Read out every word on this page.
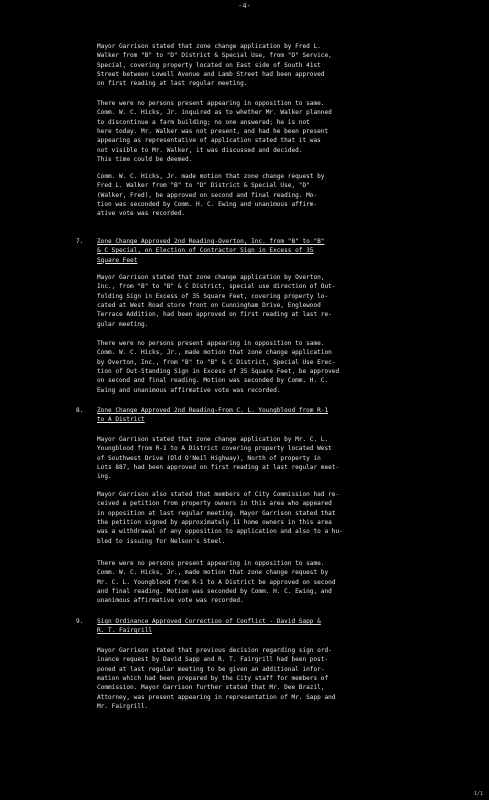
-4-

Mayor Garrison stated that zone change application by Fred L.
Walker from "B" to "D" District & Special Use, from "D" Service,
Special, covering property located on East side of South 41st
Street between Lowell Avenue and Lamb Street had been approved
on first reading at last regular meeting.

There were no persons present appearing in opposition to same.
Comm. W. C. Hicks, Jr. inquired as to whether Mr. Walker planned
to discontinue a farm building; no one answered; he is not
here today. Mr. Walker was not present, and had he been present
appearing as representative of application stated that it was
not visible to Mr. Walker, it was discussed and decided.
This time could be deemed.

Comm. W. C. Hicks, Jr. made motion that zone change request by
Fred L. Walker from "B" to "D" District & Special Use, "D"
(Walker, Fred), be approved on second and final reading. Mo-
tion was seconded by Comm. H. C. Ewing and unanimous affirm-
ative vote was recorded.

7. Zone Change Approved 2nd Reading-Overton, Inc. from "B" to "B"
& C Special, on Election of Contractor Sign in Excess of 35
Square Feet

Mayor Garrison stated that zone change application by Overton,
Inc., from "B" to "B" & C District, special use direction of Out-
folding Sign in Excess of 35 Square Feet, covering property lo-
cated at West Road store front on Cunningham Drive, Englewood
Terrace Addition, had been approved on first reading at last re-
gular meeting.

There were no persons present appearing in opposition to same.
Comm. W. C. Hicks, Jr., made motion that zone change application
by Overton, Inc., from "B" to "B" & C District, Special Use Erec-
tion of Out-Standing Sign in Excess of 35 Square Feet, be approved
on second and final reading. Motion was seconded by Comm. H. C.
Ewing and unanimous affirmative vote was recorded.

8. Zone Change Approved 2nd Reading-From C. L. Youngblood from R-1
to A District

Mayor Garrison stated that zone change application by Mr. C. L.
Youngblood from R-1 to A District covering property located West
of Southwest Drive (Old O'Neil Highway), North of property in
Lots 887, had been approved on first reading at last regular meet-
ing.

Mayor Garrison also stated that members of City Commission had re-
ceived a petition from property owners in this area who appeared
in opposition at last regular meeting. Mayor Garrison stated that
the petition signed by approximately 11 home owners in this area
was a withdrawal of any opposition to application and also to a hu-
bled to issuing for Nelson's Steel.

There were no persons present appearing in opposition to same.
Comm. W. C. Hicks, Jr., made motion that zone change request by
Mr. C. L. Youngblood from R-1 to A District be approved on second
and final reading. Motion was seconded by Comm. H. C. Ewing, and
unanimous affirmative vote was recorded.

9. Sign Ordinance Approved Correction of Conflict - David Sapp &
R. T. Fairgrill

Mayor Garrison stated that previous decision regarding sign ord-
inance request by David Sapp and R. T. Fairgrill had been post-
poned at last regular meeting to be given an additional infor-
mation which had been prepared by the City staff for members of
Commission. Mayor Garrison further stated that Mr. Dee Brazil,
Attorney, was present appearing in representation of Mr. Sapp and
Mr. Fairgrill.

1/1
